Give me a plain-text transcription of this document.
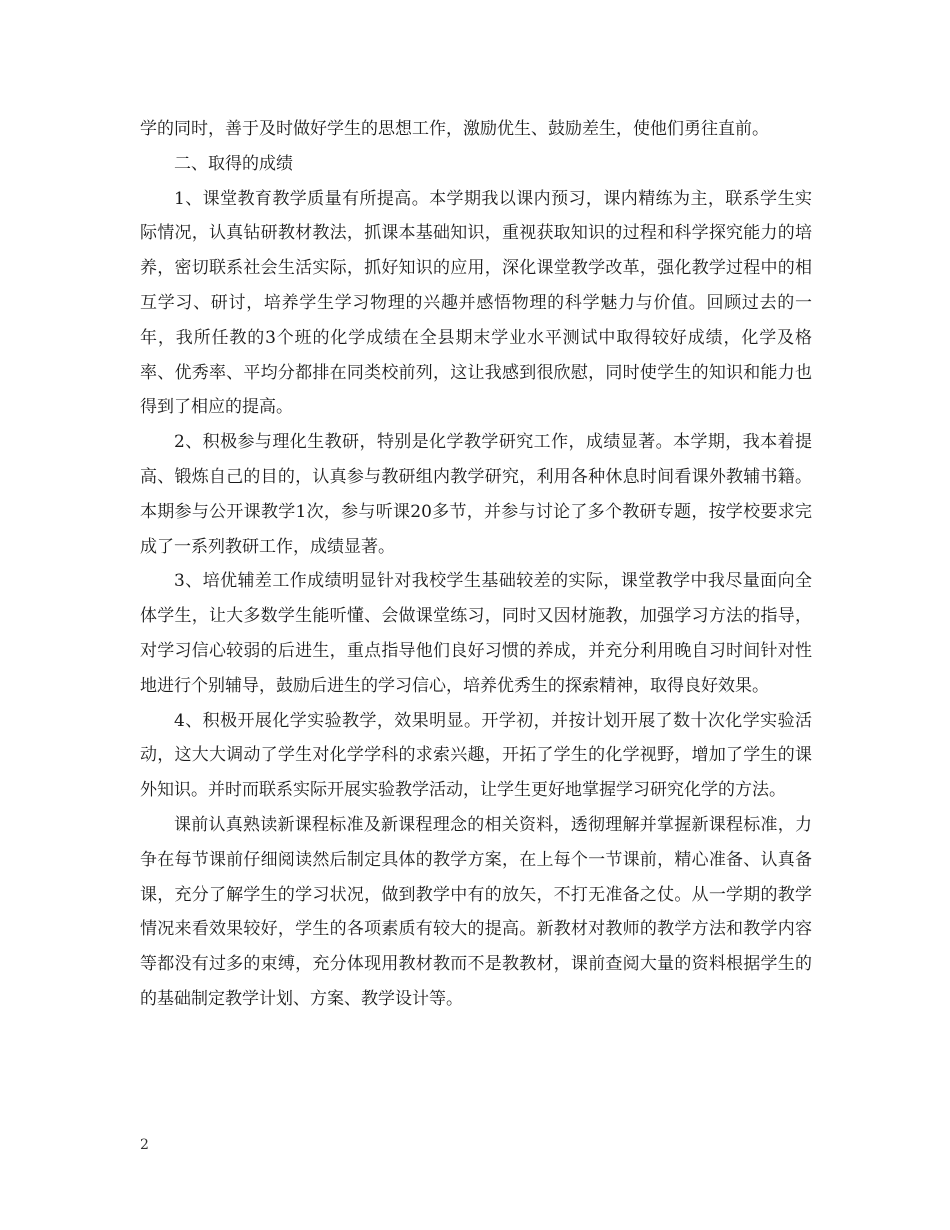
学的同时，善于及时做好学生的思想工作，激励优生、鼓励差生，使他们勇往直前。

二、取得的成绩

1、课堂教育教学质量有所提高。本学期我以课内预习，课内精练为主，联系学生实际情况，认真钻研教材教法，抓课本基础知识，重视获取知识的过程和科学探究能力的培养，密切联系社会生活实际，抓好知识的应用，深化课堂教学改革，强化教学过程中的相互学习、研讨，培养学生学习物理的兴趣并感悟物理的科学魅力与价值。回顾过去的一年，我所任教的3个班的化学成绩在全县期末学业水平测试中取得较好成绩，化学及格率、优秀率、平均分都排在同类校前列，这让我感到很欣慰，同时使学生的知识和能力也得到了相应的提高。

2、积极参与理化生教研，特别是化学教学研究工作，成绩显著。本学期，我本着提高、锻炼自己的目的，认真参与教研组内教学研究，利用各种休息时间看课外教辅书籍。本期参与公开课教学1次，参与听课20多节，并参与讨论了多个教研专题，按学校要求完成了一系列教研工作，成绩显著。

3、培优辅差工作成绩明显针对我校学生基础较差的实际，课堂教学中我尽量面向全体学生，让大多数学生能听懂、会做课堂练习，同时又因材施教，加强学习方法的指导，对学习信心较弱的后进生，重点指导他们良好习惯的养成，并充分利用晚自习时间针对性地进行个别辅导，鼓励后进生的学习信心，培养优秀生的探索精神，取得良好效果。

4、积极开展化学实验教学，效果明显。开学初，并按计划开展了数十次化学实验活动，这大大调动了学生对化学学科的求索兴趣，开拓了学生的化学视野，增加了学生的课外知识。并时而联系实际开展实验教学活动，让学生更好地掌握学习研究化学的方法。

课前认真熟读新课程标准及新课程理念的相关资料，透彻理解并掌握新课程标准，力争在每节课前仔细阅读然后制定具体的教学方案，在上每个一节课前，精心准备、认真备课，充分了解学生的学习状况，做到教学中有的放矢，不打无准备之仗。从一学期的教学情况来看效果较好，学生的各项素质有较大的提高。新教材对教师的教学方法和教学内容等都没有过多的束缚，充分体现用教材教而不是教教材，课前查阅大量的资料根据学生的的基础制定教学计划、方案、教学设计等。

2
